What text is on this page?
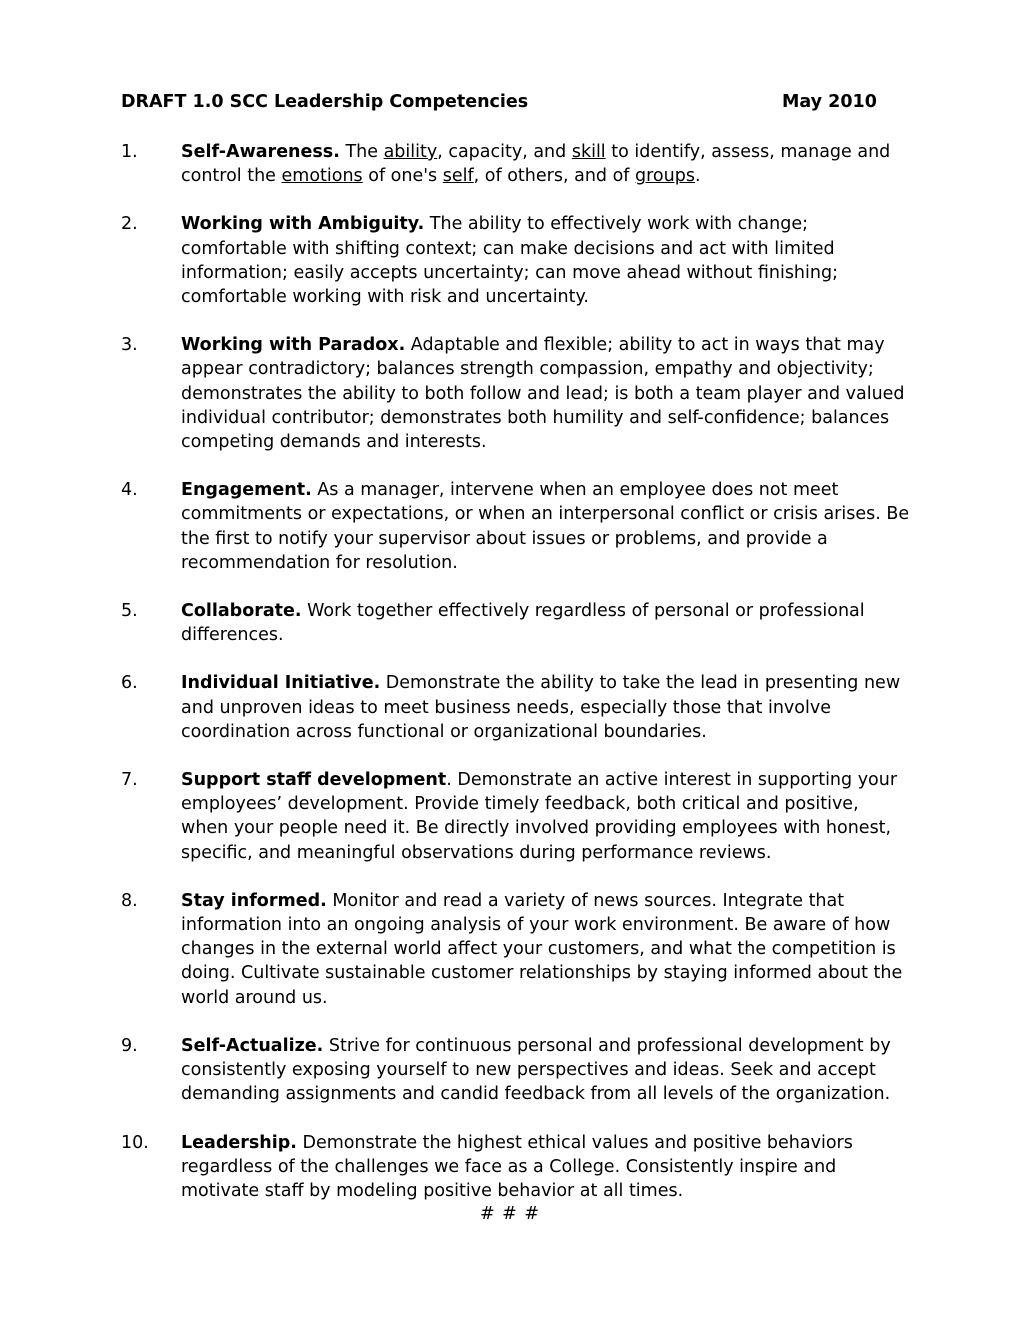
DRAFT 1.0 SCC Leadership Competencies	May 2010
1. Self-Awareness. The ability, capacity, and skill to identify, assess, manage and control the emotions of one's self, of others, and of groups.
2. Working with Ambiguity. The ability to effectively work with change; comfortable with shifting context; can make decisions and act with limited information; easily accepts uncertainty; can move ahead without finishing; comfortable working with risk and uncertainty.
3. Working with Paradox. Adaptable and flexible; ability to act in ways that may appear contradictory; balances strength compassion, empathy and objectivity; demonstrates the ability to both follow and lead; is both a team player and valued individual contributor; demonstrates both humility and self-confidence; balances competing demands and interests.
4. Engagement. As a manager, intervene when an employee does not meet commitments or expectations, or when an interpersonal conflict or crisis arises. Be the first to notify your supervisor about issues or problems, and provide a recommendation for resolution.
5. Collaborate. Work together effectively regardless of personal or professional differences.
6. Individual Initiative. Demonstrate the ability to take the lead in presenting new and unproven ideas to meet business needs, especially those that involve coordination across functional or organizational boundaries.
7. Support staff development. Demonstrate an active interest in supporting your employees’ development. Provide timely feedback, both critical and positive, when your people need it. Be directly involved providing employees with honest, specific, and meaningful observations during performance reviews.
8. Stay informed. Monitor and read a variety of news sources. Integrate that information into an ongoing analysis of your work environment. Be aware of how changes in the external world affect your customers, and what the competition is doing. Cultivate sustainable customer relationships by staying informed about the world around us.
9. Self-Actualize. Strive for continuous personal and professional development by consistently exposing yourself to new perspectives and ideas. Seek and accept demanding assignments and candid feedback from all levels of the organization.
10. Leadership. Demonstrate the highest ethical values and positive behaviors regardless of the challenges we face as a College. Consistently inspire and motivate staff by modeling positive behavior at all times.
# # #
